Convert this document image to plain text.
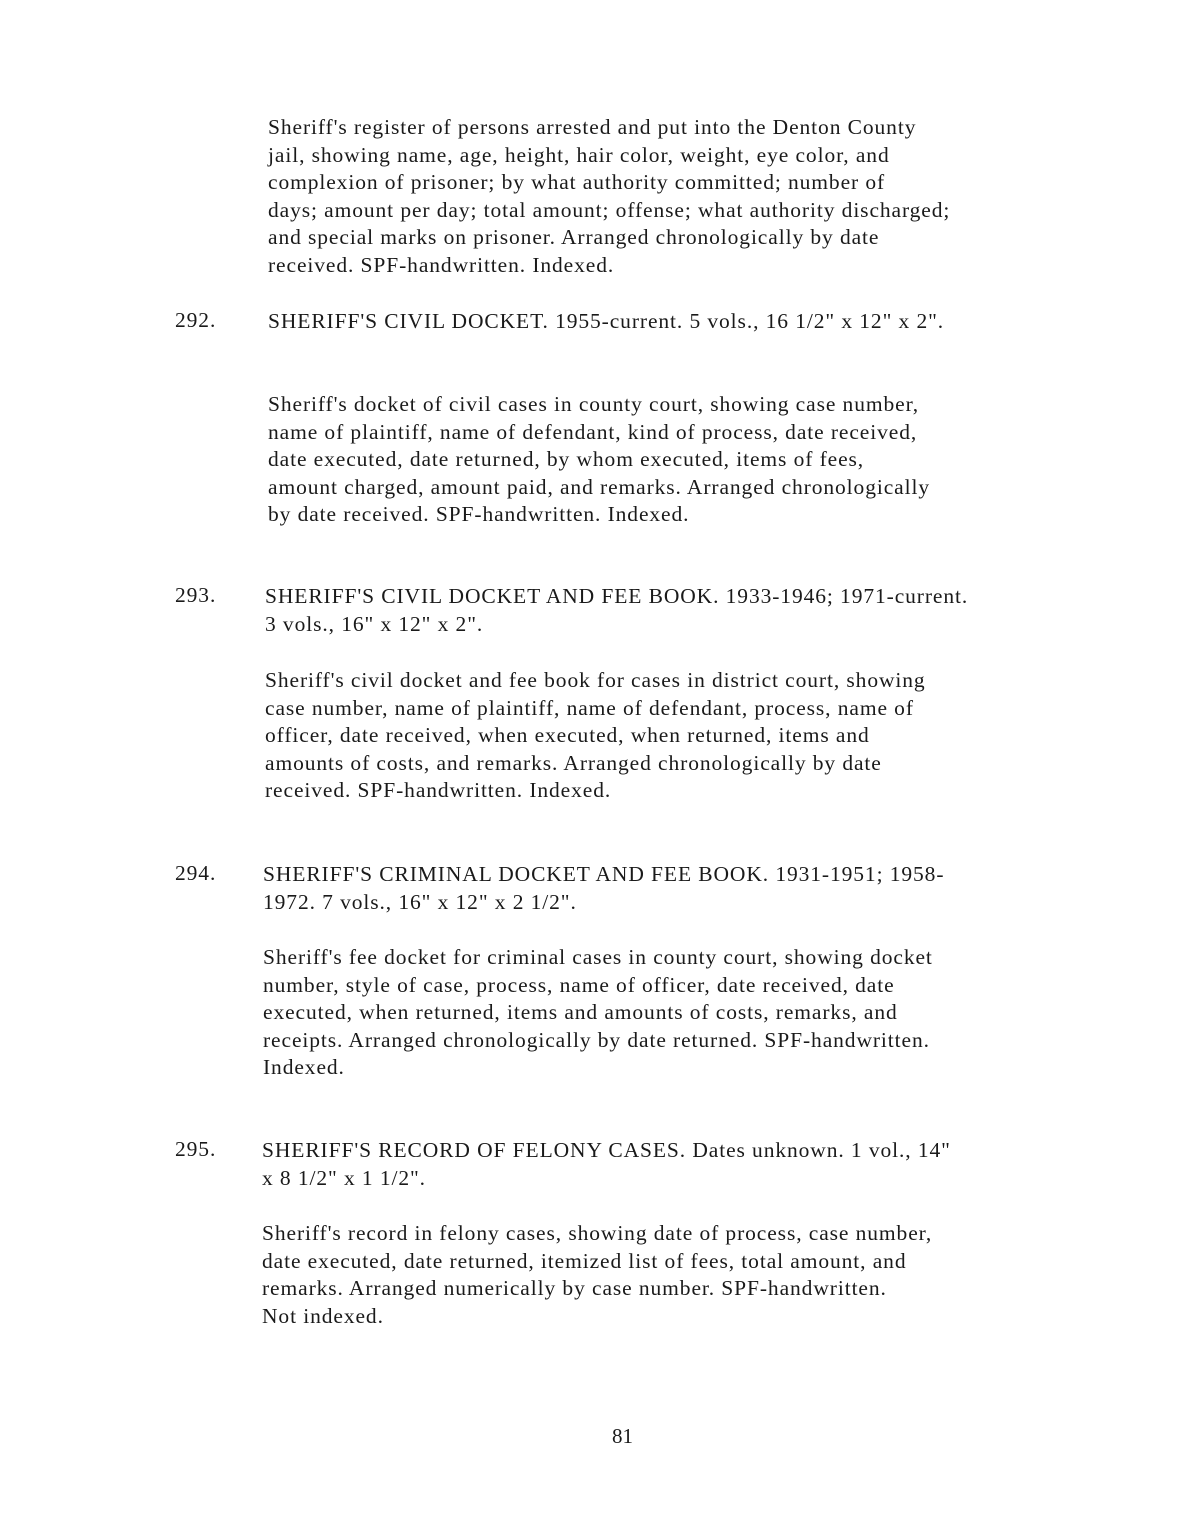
Sheriff's register of persons arrested and put into the Denton County
jail, showing name, age, height, hair color, weight, eye color, and
complexion of prisoner; by what authority committed; number of
days; amount per day; total amount; offense; what authority discharged;
and special marks on prisoner. Arranged chronologically by date
received. SPF-handwritten. Indexed.
292. SHERIFF'S CIVIL DOCKET. 1955-current. 5 vols., 16 1/2" x 12" x 2".
Sheriff's docket of civil cases in county court, showing case number,
name of plaintiff, name of defendant, kind of process, date received,
date executed, date returned, by whom executed, items of fees,
amount charged, amount paid, and remarks. Arranged chronologically
by date received. SPF-handwritten. Indexed.
293. SHERIFF'S CIVIL DOCKET AND FEE BOOK. 1933-1946; 1971-current.
3 vols., 16" x 12" x 2".
Sheriff's civil docket and fee book for cases in district court, showing
case number, name of plaintiff, name of defendant, process, name of
officer, date received, when executed, when returned, items and
amounts of costs, and remarks. Arranged chronologically by date
received. SPF-handwritten. Indexed.
294. SHERIFF'S CRIMINAL DOCKET AND FEE BOOK. 1931-1951; 1958-
1972. 7 vols., 16" x 12" x 2 1/2".
Sheriff's fee docket for criminal cases in county court, showing docket
number, style of case, process, name of officer, date received, date
executed, when returned, items and amounts of costs, remarks, and
receipts. Arranged chronologically by date returned. SPF-handwritten.
Indexed.
295. SHERIFF'S RECORD OF FELONY CASES. Dates unknown. 1 vol., 14"
x 8 1/2" x 1 1/2".
Sheriff's record in felony cases, showing date of process, case number,
date executed, date returned, itemized list of fees, total amount, and
remarks. Arranged numerically by case number. SPF-handwritten.
Not indexed.
81
